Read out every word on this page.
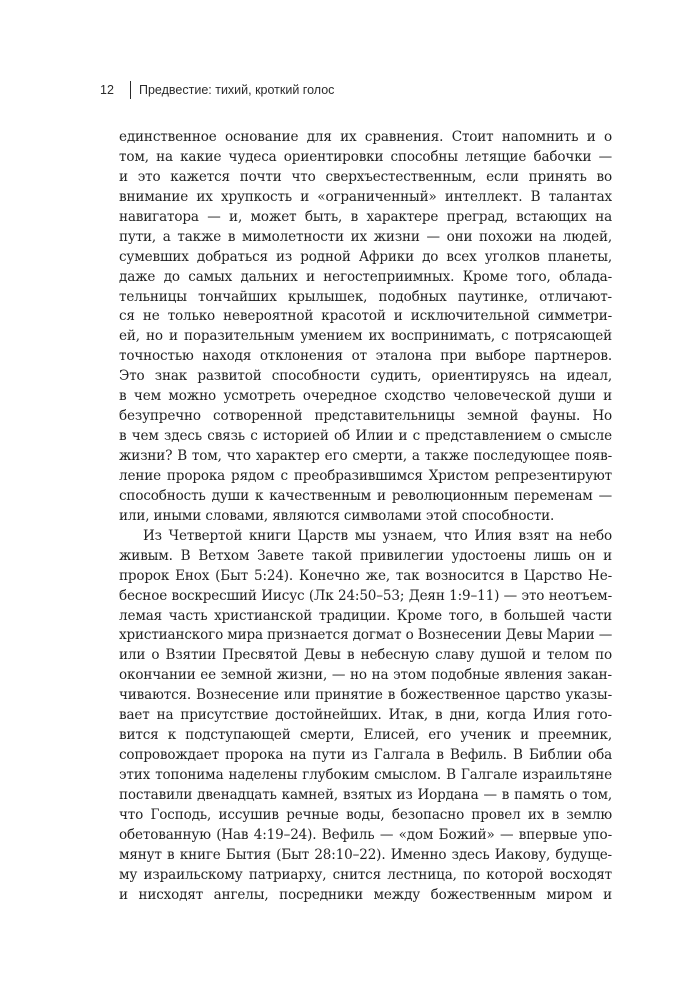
12	Предвестие: тихий, кроткий голос
единственное основание для их сравнения. Стоит напомнить и о
том, на какие чудеса ориентировки способны летящие бабочки —
и это кажется почти что сверхъестественным, если принять во
внимание их хрупкость и «ограниченный» интеллект. В талантах
навигатора — и, может быть, в характере преград, встающих на
пути, а также в мимолетности их жизни — они похожи на людей,
сумевших добраться из родной Африки до всех уголков планеты,
даже до самых дальних и негостеприимных. Кроме того, облада-
тельницы тончайших крылышек, подобных паутинке, отличают-
ся не только невероятной красотой и исключительной симметри-
ей, но и поразительным умением их воспринимать, с потрясающей
точностью находя отклонения от эталона при выборе партнеров.
Это знак развитой способности судить, ориентируясь на идеал,
в чем можно усмотреть очередное сходство человеческой души и
безупречно сотворенной представительницы земной фауны. Но
в чем здесь связь с историей об Илии и с представлением о смысле
жизни? В том, что характер его смерти, а также последующее появ-
ление пророка рядом с преобразившимся Христом репрезентируют
способность души к качественным и революционным переменам —
или, иными словами, являются символами этой способности.
Из Четвертой книги Царств мы узнаем, что Илия взят на небо
живым. В Ветхом Завете такой привилегии удостоены лишь он и
пророк Енох (Быт 5:24). Конечно же, так возносится в Царство Не-
бесное воскресший Иисус (Лк 24:50–53; Деян 1:9–11) — это неотъем-
лемая часть христианской традиции. Кроме того, в большей части
христианского мира признается догмат о Вознесении Девы Марии —
или о Взятии Пресвятой Девы в небесную славу душой и телом по
окончании ее земной жизни, — но на этом подобные явления закан-
чиваются. Вознесение или принятие в божественное царство указы-
вает на присутствие достойнейших. Итак, в дни, когда Илия гото-
вится к подступающей смерти, Елисей, его ученик и преемник,
сопровождает пророка на пути из Галгала в Вефиль. В Библии оба
этих топонима наделены глубоким смыслом. В Галгале израильтяне
поставили двенадцать камней, взятых из Иордана — в память о том,
что Господь, иссушив речные воды, безопасно провел их в землю
обетованную (Нав 4:19–24). Вефиль — «дом Божий» — впервые упо-
мянут в книге Бытия (Быт 28:10–22). Именно здесь Иакову, будуще-
му израильскому патриарху, снится лестница, по которой восходят
и нисходят ангелы, посредники между божественным миром и
